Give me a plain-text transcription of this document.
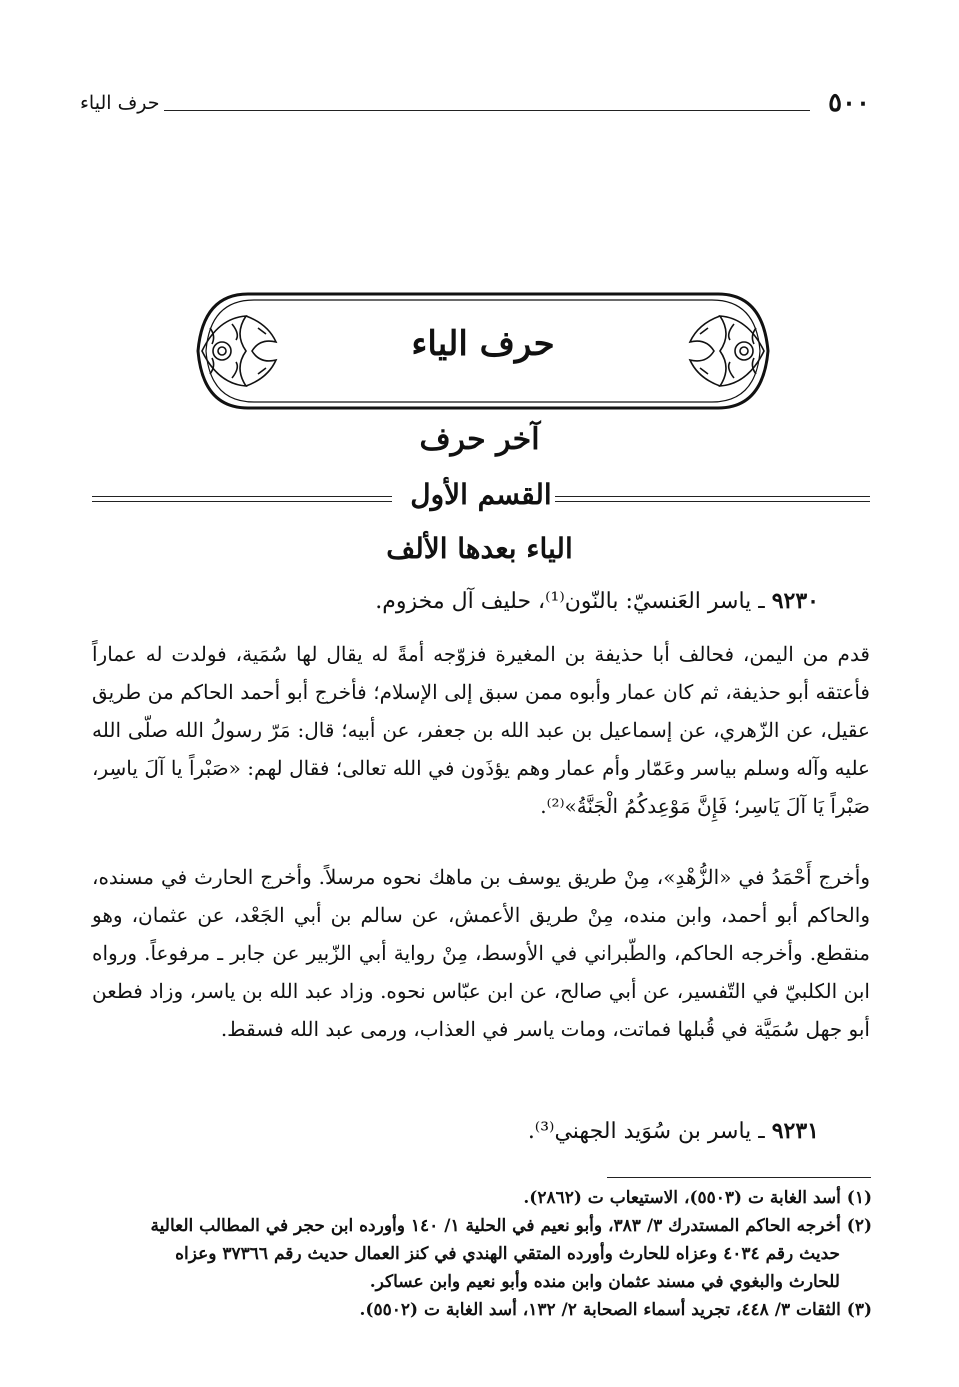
٥٠٠
حرف الياء
حرف الياء
آخر حرف
القسم الأول
الياء بعدها الألف
٩٢٣٠ ـ ياسر العَنسيّ: بالنّون⁽¹⁾، حليف آل مخزوم.
قدم من اليمن، فحالف أبا حذيفة بن المغيرة فزوّجه أمةً له يقال لها سُمَية، فولدت له عماراً فأعتقه أبو حذيفة، ثم كان عمار وأبوه ممن سبق إلى الإسلام؛ فأخرج أبو أحمد الحاكم من طريق عقيل، عن الزّهري، عن إسماعيل بن عبد الله بن جعفر، عن أبيه؛ قال: مَرّ رسولُ الله صلّى الله عليه وآله وسلم بياسر وعَمّار وأم عمار وهم يؤذَون في الله تعالى؛ فقال لهم: «صَبْراً يا آلَ ياسِر، صَبْراً يَا آلَ يَاسِر؛ فَإِنَّ مَوْعِدكُمُ الْجَنَّةُ»⁽²⁾.
وأخرج أَحْمَدُ في «الزُّهْدِ»، مِنْ طريق يوسف بن ماهك نحوه مرسلاً. وأخرج الحارث في مسنده، والحاكم أبو أحمد، وابن منده، مِنْ طريق الأعمش، عن سالم بن أبي الجَعْد، عن عثمان، وهو منقطع. وأخرجه الحاكم، والطّبراني في الأوسط، مِنْ رواية أبي الزّبير عن جابر ـ مرفوعاً. ورواه ابن الكلبيّ في التّفسير، عن أبي صالح، عن ابن عبّاس نحوه. وزاد عبد الله بن ياسر، وزاد فطعن أبو جهل سُمَيَّة في قُبلها فماتت، ومات ياسر في العذاب، ورمى عبد الله فسقط.
٩٢٣١ ـ ياسر بن سُوَيد الجهني⁽³⁾.

(١) أسد الغابة ت (٥٥٠٣)، الاستيعاب ت (٢٨٦٢).

(٢) أخرجه الحاكم المستدرك ٣/ ٣٨٣، وأبو نعيم في الحلية ١/ ١٤٠ وأورده ابن حجر في المطالب العالية

حديث رقم ٤٠٣٤ وعزاه للحارث وأورده المتقي الهندي في كنز العمال حديث رقم ٣٧٣٦٦ وعزاه

للحارث والبغوي في مسند عثمان وابن منده وأبو نعيم وابن عساكر.

(٣) الثقات ٣/ ٤٤٨، تجريد أسماء الصحابة ٢/ ١٣٢، أسد الغابة ت (٥٥٠٢).
